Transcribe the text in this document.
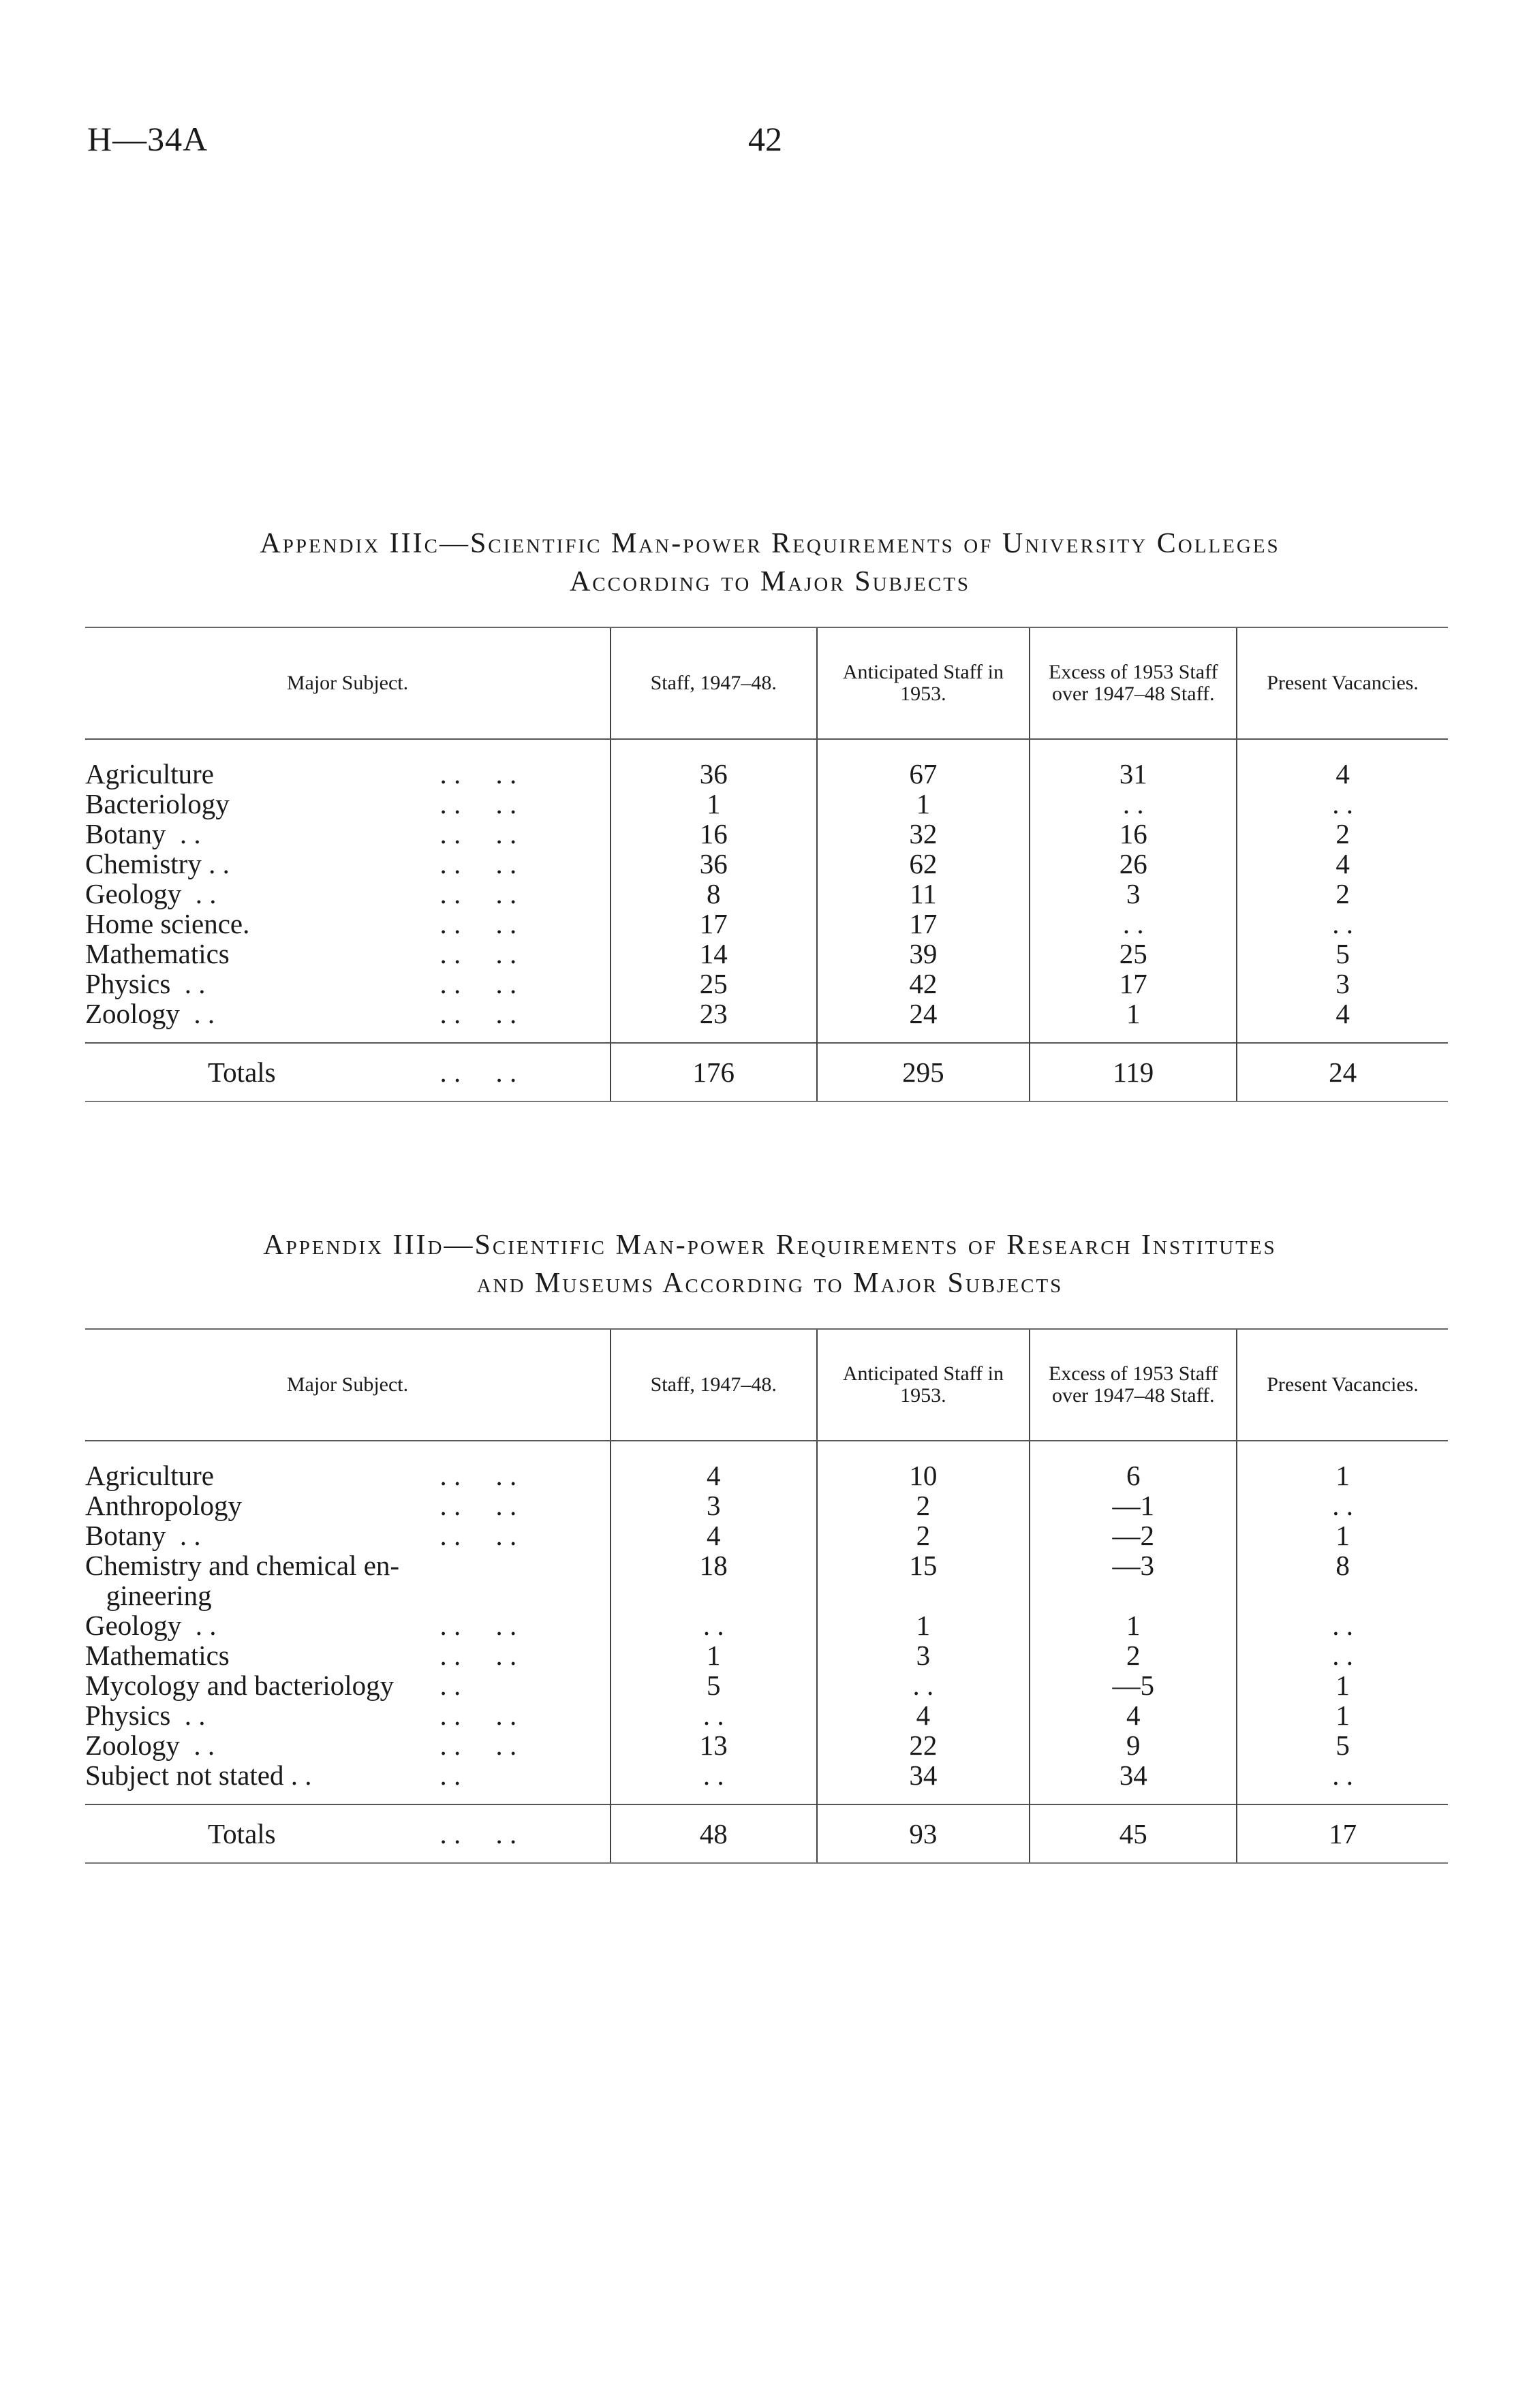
H—34A	42
Appendix IIIc—Scientific Man-power Requirements of University Colleges
According to Major Subjects
Major Subject.	Staff, 1947–48.	Anticipated Staff in 1953.	Excess of 1953 Staff over 1947–48 Staff.	Present Vacancies.
Agriculture . .     . .	36	67	31	4
Bacteriology . .     . .	1	1	. .	. .
Botany  . . . .     . .	16	32	16	2
Chemistry . . . .     . .	36	62	26	4
Geology  . . . .     . .	8	11	3	2
Home science. . .     . .	17	17	. .	. .
Mathematics . .     . .	14	39	25	5
Physics  . . . .     . .	25	42	17	3
Zoology  . . . .     . .	23	24	1	4

Totals . .     . .	176	295	119	24
Appendix IIId—Scientific Man-power Requirements of Research Institutes
and Museums According to Major Subjects
Major Subject.	Staff, 1947–48.	Anticipated Staff in 1953.	Excess of 1953 Staff over 1947–48 Staff.	Present Vacancies.
Agriculture . .     . .	4	10	6	1
Anthropology . .     . .	3	2	—1	. .
Botany  . . . .     . .	4	2	—2	1
Chemistry and chemical en-	18	15	—3	8
gineering				
Geology  . . . .     . .	. .	1	1	. .
Mathematics . .     . .	1	3	2	. .
Mycology and bacteriology  . .	5	. .	—5	1
Physics  . . . .     . .	. .	4	4	1
Zoology  . . . .     . .	13	22	9	5
Subject not stated . . . .	. .	34	34	. .

Totals . .     . .	48	93	45	17
